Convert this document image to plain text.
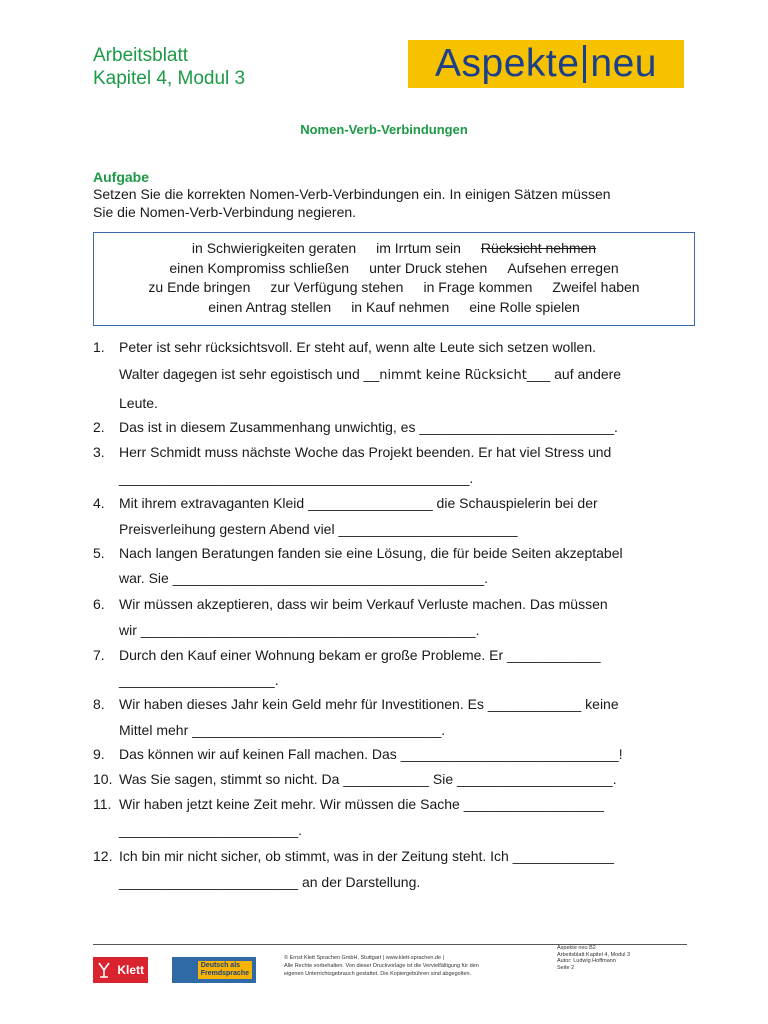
Arbeitsblatt
Kapitel 4, Modul 3	Aspekte neu
Nomen-Verb-Verbindungen
Aufgabe
Setzen Sie die korrekten Nomen-Verb-Verbindungen ein. In einigen Sätzen müssen
Sie die Nomen-Verb-Verbindung negieren.
in Schwierigkeiten geraten im Irrtum sein Rücksicht nehmen
einen Kompromiss schließen unter Druck stehen Aufsehen erregen
zu Ende bringen zur Verfügung stehen in Frage kommen Zweifel haben
einen Antrag stellen in Kauf nehmen eine Rolle spielen
1. Peter ist sehr rücksichtsvoll. Er steht auf, wenn alte Leute sich setzen wollen.
Walter dagegen ist sehr egoistisch und __nimmt keine Rücksicht___ auf andere
Leute.
2. Das ist in diesem Zusammenhang unwichtig, es _________________________.
3. Herr Schmidt muss nächste Woche das Projekt beenden. Er hat viel Stress und
_____________________________________________.
4. Mit ihrem extravaganten Kleid ________________ die Schauspielerin bei der
Preisverleihung gestern Abend viel _______________________
5. Nach langen Beratungen fanden sie eine Lösung, die für beide Seiten akzeptabel
war. Sie ________________________________________.
6. Wir müssen akzeptieren, dass wir beim Verkauf Verluste machen. Das müssen
wir ___________________________________________.
7. Durch den Kauf einer Wohnung bekam er große Probleme. Er ____________
____________________.
8. Wir haben dieses Jahr kein Geld mehr für Investitionen. Es ____________ keine
Mittel mehr ________________________________.
9. Das können wir auf keinen Fall machen. Das ____________________________!
10. Was Sie sagen, stimmt so nicht. Da ___________ Sie ____________________.
11. Wir haben jetzt keine Zeit mehr. Wir müssen die Sache __________________
_______________________.
12. Ich bin mir nicht sicher, ob stimmt, was in der Zeitung steht. Ich _____________
_______________________ an der Darstellung.
Klett	Deutsch als
Fremdsprache
© Ernst Klett Sprachen GmbH, Stuttgart | www.klett-sprachen.de |
Alle Rechte vorbehalten. Von dieser Druckvorlage ist die Vervielfältigung für den
eigenen Unterrichtsgebrauch gestattet. Die Kopiergebühren sind abgegolten.
Aspekte neu B2
Arbeitsblatt Kapitel 4, Modul 3
Autor: Ludwig Hoffmann
Seite 2
